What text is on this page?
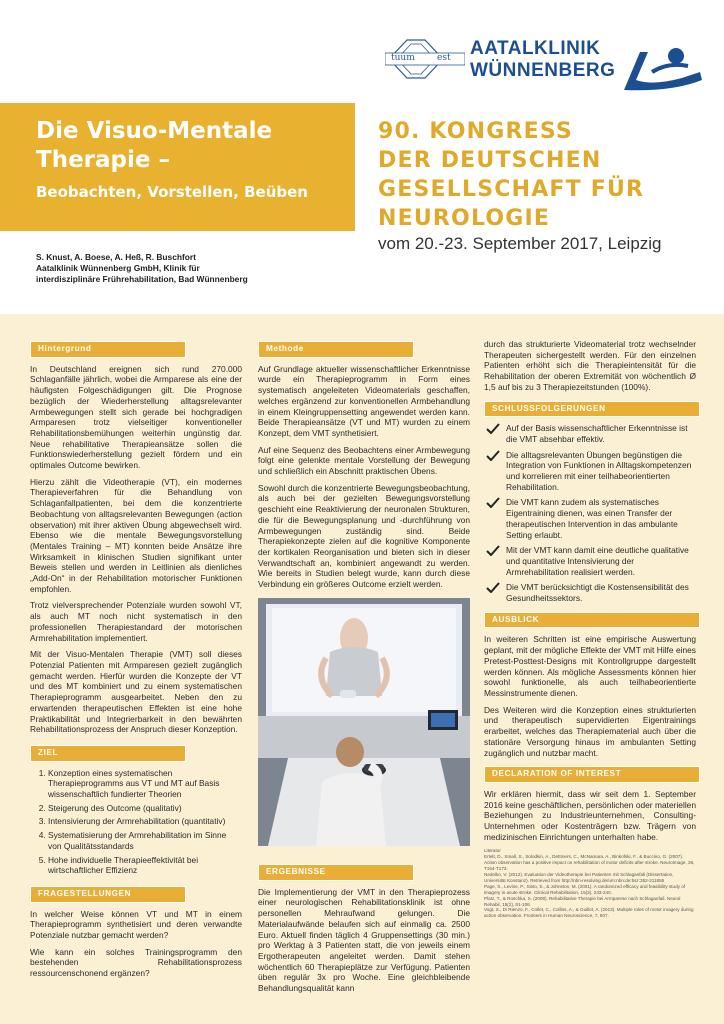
tuum est AATALKLINIK
WÜNNENBERG
Die Visuo-Mentale
Therapie –
Beobachten, Vorstellen, Beüben
90. KONGRESS
DER DEUTSCHEN
GESELLSCHAFT FÜR
NEUROLOGIE
vom 20.-23. September 2017, Leipzig
S. Knust, A. Boese, A. Heß, R. Buschfort
Aatalklinik Wünnenberg GmbH, Klinik für
interdisziplinäre Frührehabilitation, Bad Wünnenberg
Hintergrund

In Deutschland ereignen sich rund 270.000 Schlaganfälle jährlich, wobei die Armparese als eine der häufigsten Folgeschädigungen gilt. Die Prognose bezüglich der Wiederherstellung alltagsrelevanter Armbewegungen stellt sich gerade bei hochgradigen Armparesen trotz vielseitiger konventioneller Rehabilitationsbemühungen weiterhin ungünstig dar. Neue rehabilitative Therapieansätze sollen die Funktionswiederherstellung gezielt fördern und ein optimales Outcome bewirken.

Hierzu zählt die Videotherapie (VT), ein modernes Therapieverfahren für die Behandlung von Schlaganfallpatienten, bei dem die konzentrierte Beobachtung von alltagsrelevanten Bewegungen (action observation) mit ihrer aktiven Übung abgewechselt wird. Ebenso wie die mentale Bewegungsvorstellung (Mentales Training – MT) konnten beide Ansätze ihre Wirksamkeit in klinischen Studien signifikant unter Beweis stellen und werden in Leitlinien als dienliches „Add-On“ in der Rehabilitation motorischer Funktionen empfohlen.

Trotz vielversprechender Potenziale wurden sowohl VT, als auch MT noch nicht systematisch in den professionellen Therapiestandard der motorischen Armrehabilitation implementiert.

Mit der Visuo-Mentalen Therapie (VMT) soll dieses Potenzial Patienten mit Armparesen gezielt zugänglich gemacht werden. Hierfür wurden die Konzepte der VT und des MT kombiniert und zu einem systematischen Therapieprogramm ausgearbeitet. Neben den zu erwartenden therapeutischen Effekten ist eine hohe Praktikabilität und Integrierbarkeit in den bewährten Rehabilitationsprozess der Anspruch dieser Konzeption.

ZIEL
1. Konzeption eines systematischen Therapieprogramms aus VT und MT auf Basis wissenschaftlich fundierter Theorien
2. Steigerung des Outcome (qualitativ)
3. Intensivierung der Armrehabilitation (quantitativ)
4. Systematisierung der Armrehabilitation im Sinne von Qualitätsstandards
5. Hohe individuelle Therapieeffektivität bei wirtschaftlicher Effizienz
FRAGESTELLUNGEN

In welcher Weise können VT und MT in einem Therapieprogramm synthetisiert und deren verwandte Potenziale nutzbar gemacht werden?

Wie kann ein solches Trainingsprogramm den bestehenden Rehabilitationsprozess ressourcenschonend ergänzen?

Methode

Auf Grundlage aktueller wissenschaftlicher Erkenntnisse wurde ein Therapieprogramm in Form eines systematisch angeleiteten Videomaterials geschaffen, welches ergänzend zur konventionellen Armbehandlung in einem Kleingruppensetting angewendet werden kann. Beide Therapieansätze (VT und MT) wurden zu einem Konzept, dem VMT synthetisiert.

Auf eine Sequenz des Beobachtens einer Armbewegung folgt eine gelenkte mentale Vorstellung der Bewegung und schließlich ein Abschnitt praktischen Übens.

Sowohl durch die konzentrierte Bewegungsbeobachtung, als auch bei der gezielten Bewegungsvorstellung geschieht eine Reaktivierung der neuronalen Strukturen, die für die Bewegungsplanung und -durchführung von Armbewegungen zuständig sind. Beide Therapiekonzepte zielen auf die kognitive Komponente der kortikalen Reorganisation und bieten sich in dieser Verwandtschaft an, kombiniert angewandt zu werden. Wie bereits in Studien belegt wurde, kann durch diese Verbindung ein größeres Outcome erzielt werden.

ERGEBNISSE

Die Implementierung der VMT in den Therapieprozess einer neurologischen Rehabilitationsklinik ist ohne personellen Mehraufwand gelungen. Die Materialaufwände belaufen sich auf einmalig ca. 2500 Euro. Aktuell finden täglich 4 Gruppensettings (30 min.) pro Werktag à 3 Patienten statt, die von jeweils einem Ergotherapeuten angeleitet werden. Damit stehen wöchentlich 60 Therapieplätze zur Verfügung. Patienten üben regulär 3x pro Woche. Eine gleichbleibende Behandlungsqualität kann

durch das strukturierte Videomaterial trotz wechselnder Therapeuten sichergestellt werden. Für den einzelnen Patienten erhöht sich die Therapieintensität für die Rehabilitation der oberen Extremität von wöchentlich Ø 1,5 auf bis zu 3 Therapiezeitstunden (100%).

SCHLUSSFOLGERUNGEN
Auf der Basis wissenschaftlicher Erkenntnisse ist die VMT absehbar effektiv.
Die alltagsrelevanten Übungen begünstigen die Integration von Funktionen in Alltagskompetenzen und korrelieren mit einer teilhabeorientierten Rehabilitation.
Die VMT kann zudem als systematisches Eigentraining dienen, was einen Transfer der therapeutischen Intervention in das ambulante Setting erlaubt.
Mit der VMT kann damit eine deutliche qualitative und quantitative Intensivierung der Armrehabilitation realisiert werden.
Die VMT berücksichtigt die Kostensensibilität des Gesundheitssektors.
AUSBLICK

In weiteren Schritten ist eine empirische Auswertung geplant, mit der mögliche Effekte der VMT mit Hilfe eines Pretest-Posttest-Designs mit Kontrollgruppe dargestellt werden können. Als mögliche Assessments können hier sowohl funktionelle, als auch teilhabeorientierte Messinstrumente dienen.

Des Weiteren wird die Konzeption eines strukturierten und therapeutisch supervidierten Eigentrainings erarbeitet, welches das Therapiematerial auch über die stationäre Versorgung hinaus im ambulanten Setting zugänglich und nutzbar macht.

DECLARATION OF INTEREST

Wir erklären hiermit, dass wir seit dem 1. September 2016 keine geschäftlichen, persönlichen oder materiellen Beziehungen zu Industrieunternehmen, Consulting-Unternehmen oder Kostenträgern bzw. Trägern von medizinischen Einrichtungen unterhalten habe.

Literatur
Ertelt, D., Small, S., Solodkin, A., Dettmers, C., McNamara, A., Binkofski, F., & Buccino, G. (2007). Action observation has a positive impact on rehabilitation of motor deficits after stroke. NeuroImage, 36, T164-T173.
Nedelko, V. (2012). Evaluation der Videotherapie bei Patienten mit Schlaganfall (Dissertation, Universität Konstanz). Retrieved from http://nbn-resolving.de/urn:nbn:de:bsz:352-211855
Page, S., Levine, P., Sisto, S., & Johnston, M. (2001). A randomized efficacy and feasibility study of imagery in acute stroke. Clinical Rehabilitation, 15(3), 233-240.
Platz, T., & Roschka, S. (2009). Rehabilitative Therapie bei Armparese nach Schlaganfall. Neurol Rehabil, 15(2), 81-106.
Vogt, S., Di Rienzo, F., Collet, C., Collins, A., & Guillot, A. (2013). Multiple roles of motor imagery during action observation. Frontiers in Human Neuroscience, 7, 807.
